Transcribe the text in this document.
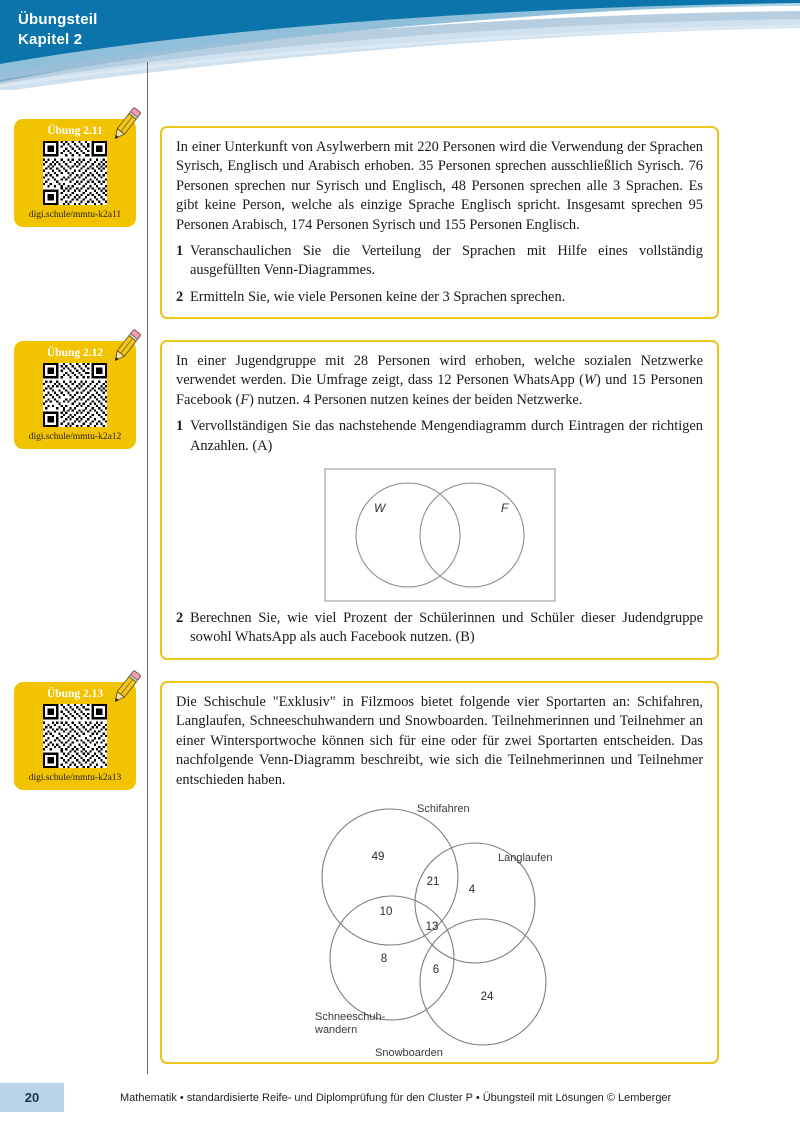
Übungsteil
Kapitel 2
Übung 2.11
digi.schule/mmtu-k2a11

In einer Unterkunft von Asylwerbern mit 220 Personen wird die Verwendung der Sprachen Syrisch, Englisch und Arabisch erhoben. 35 Personen sprechen ausschließlich Syrisch. 76 Personen sprechen nur Syrisch und Englisch, 48 Personen sprechen alle 3 Sprachen. Es gibt keine Person, welche als einzige Sprache Englisch spricht. Insgesamt sprechen 95 Personen Arabisch, 174 Personen Syrisch und 155 Personen Englisch.

1 Veranschaulichen Sie die Verteilung der Sprachen mit Hilfe eines vollständig ausgefüllten Venn-Diagrammes.
2 Ermitteln Sie, wie viele Personen keine der 3 Sprachen sprechen.
Übung 2.12
digi.schule/mmtu-k2a12

In einer Jugendgruppe mit 28 Personen wird erhoben, welche sozialen Netzwerke verwendet werden. Die Umfrage zeigt, dass 12 Personen WhatsApp (W) und 15 Personen Facebook (F) nutzen. 4 Personen nutzen keines der beiden Netzwerke.

1 Vervollständigen Sie das nachstehende Mengendiagramm durch Eintragen der richtigen Anzahlen. (A)
W	F
2 Berechnen Sie, wie viel Prozent der Schülerinnen und Schüler dieser Judendgruppe sowohl WhatsApp als auch Facebook nutzen. (B)
Übung 2.13
digi.schule/mmtu-k2a13

Die Schischule "Exklusiv" in Filzmoos bietet folgende vier Sportarten an: Schifahren, Langlaufen, Schneeschuhwandern und Snowboarden. Teilnehmerinnen und Teilnehmer an einer Wintersportwoche können sich für eine oder für zwei Sportarten entscheiden. Das nachfolgende Venn-Diagramm beschreibt, wie sich die Teilnehmerinnen und Teilnehmer entschieden haben.

49
21
4
10
13
8
6
24
Schifahren
Langlaufen
Schneeschuh-
wandern
Snowboarden
20	Mathematik • standardisierte Reife- und Diplomprüfung für den Cluster P • Übungsteil mit Lösungen © Lemberger
